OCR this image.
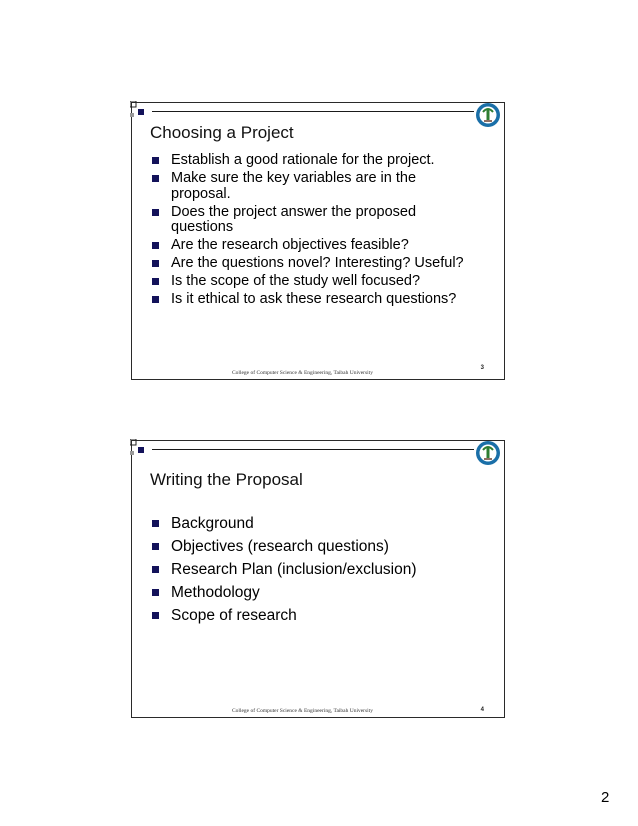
Choosing a Project
Establish a good rationale for the project.
Make sure the key variables are in the proposal.
Does the project answer the proposed questions
Are the research objectives feasible?
Are the questions novel? Interesting? Useful?
Is the scope of the study well focused?
Is it ethical to ask these research questions?
3
College of Computer Science & Engineering, Taibah University
Writing the Proposal
Background
Objectives (research questions)
Research Plan (inclusion/exclusion)
Methodology
Scope of research
4
College of Computer Science & Engineering, Taibah University
2
